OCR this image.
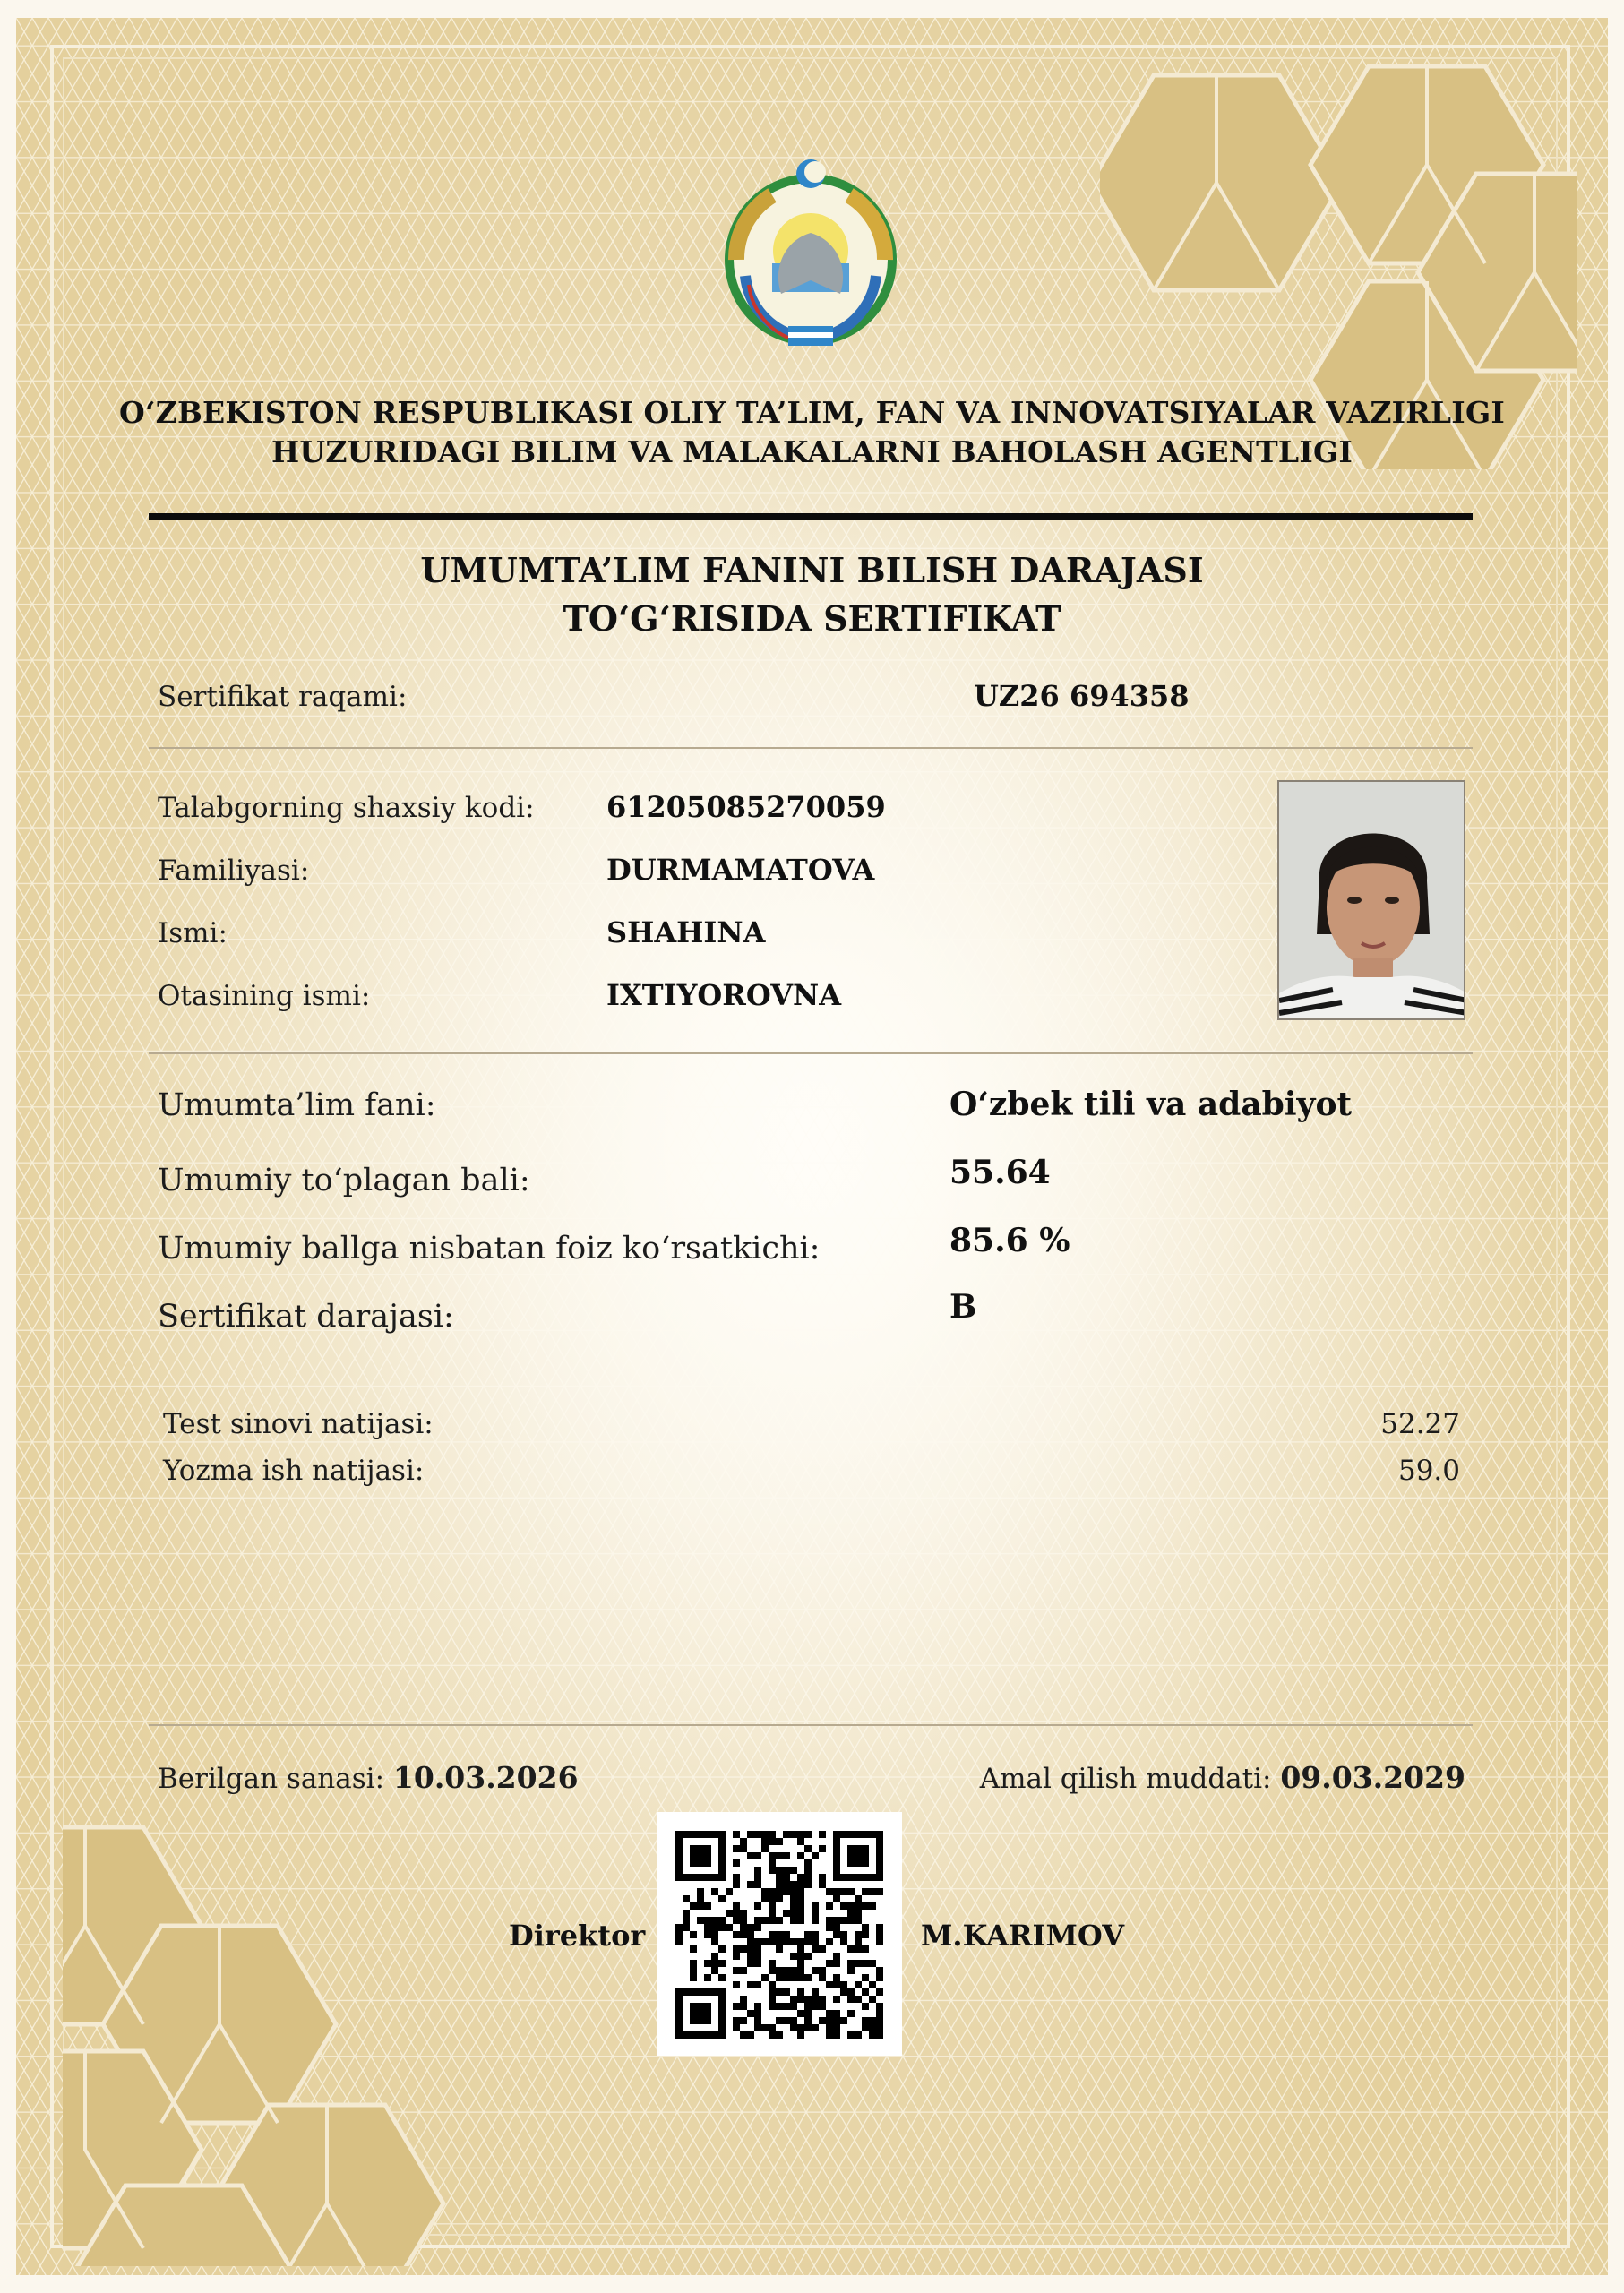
O‘ZBEKISTON RESPUBLIKASI OLIY TA’LIM, FAN VA INNOVATSIYALAR VAZIRLIGI
HUZURIDAGI BILIM VA MALAKALARNI BAHOLASH AGENTLIGI
UMUMTA’LIM FANINI BILISH DARAJASI
TO‘G‘RISIDA SERTIFIKAT
Sertifikat raqami:	UZ26 694358
Talabgorning shaxsiy kodi:	61205085270059
Familiyasi:	DURMAMATOVA
Ismi:	SHAHINA
Otasining ismi:	IXTIYOROVNA
Umumta’lim fani:	O‘zbek tili va adabiyot
Umumiy to‘plagan bali:	55.64
Umumiy ballga nisbatan foiz ko‘rsatkichi:	85.6 %
Sertifikat darajasi:	B
Test sinovi natijasi:	52.27
Yozma ish natijasi:	59.0
Berilgan sanasi: 10.03.2026	Amal qilish muddati: 09.03.2029
Direktor	M.KARIMOV
